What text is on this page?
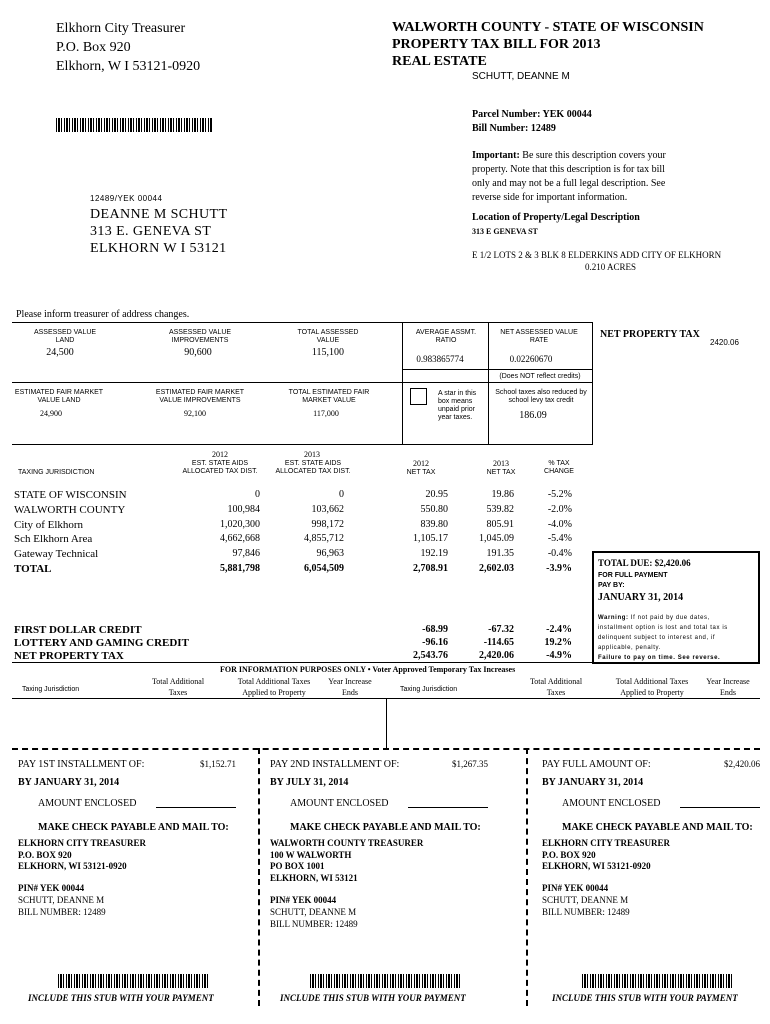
Elkhorn City Treasurer
P.O. Box 920
Elkhorn, W I 53121-0920
WALWORTH COUNTY - STATE OF WISCONSIN
PROPERTY TAX BILL FOR 2013
REAL ESTATE
SCHUTT, DEANNE M
Parcel Number: YEK 00044
Bill Number: 12489
Important: Be sure this description covers your
property. Note that this description is for tax bill
only and may not be a full legal description. See
reverse side for important information.
Location of Property/Legal Description
313 E GENEVA ST
E 1/2 LOTS 2 & 3 BLK 8 ELDERKINS ADD CITY OF ELKHORN
0.210 ACRES
12489/YEK 00044
DEANNE M SCHUTT
313 E. GENEVA ST
ELKHORN W I 53121
Please inform treasurer of address changes.
ASSESSED VALUE LAND
24,500
ASSESSED VALUE IMPROVEMENTS
90,600
TOTAL ASSESSED VALUE
115,100
AVERAGE ASSMT. RATIO
0.983865774
NET ASSESSED VALUE RATE
0.02260670
(Does NOT reflect credits)
ESTIMATED FAIR MARKET VALUE LAND
24,900
ESTIMATED FAIR MARKET VALUE IMPROVEMENTS
92,100
TOTAL ESTIMATED FAIR MARKET VALUE
117,000
A star in this
box means
unpaid prior
year taxes.
School taxes also reduced by school levy tax credit
186.09
NET PROPERTY TAX
2420.06
2012
EST. STATE AIDS ALLOCATED TAX DIST.
2013
EST. STATE AIDS ALLOCATED TAX DIST.
TAXING JURISDICTION
2012
NET TAX
2013
NET TAX
% TAX CHANGE
STATE OF WISCONSIN	0	0	20.95	19.86	-5.2%
WALWORTH COUNTY	100,984	103,662	550.80	539.82	-2.0%
City of Elkhorn	1,020,300	998,172	839.80	805.91	-4.0%
Sch Elkhorn Area	4,662,668	4,855,712	1,105.17	1,045.09	-5.4%
Gateway Technical	97,846	96,963	192.19	191.35	-0.4%
TOTAL	5,881,798	6,054,509	2,708.91	2,602.03	-3.9%	TOTAL DUE: $2,420.06
FOR FULL PAYMENT
PAY BY:
JANUARY 31, 2014
Warning: If not paid by due dates,
installment option is lost and total tax is
delinquent subject to interest and, if
applicable, penalty.
Failure to pay on time. See reverse.
FIRST DOLLAR CREDIT	-68.99	-67.32	-2.4%
LOTTERY AND GAMING CREDIT	-96.16	-114.65	19.2%
NET PROPERTY TAX	2,543.76	2,420.06	-4.9%
FOR INFORMATION PURPOSES ONLY • Voter Approved Temporary Tax Increases
Taxing Jurisdiction
Total Additional Taxes
Total Additional Taxes Applied to Property
Year Increase Ends	Taxing Jurisdiction
Total Additional Taxes
Total Additional Taxes Applied to Property
Year Increase Ends
PAY 1ST INSTALLMENT OF:	$1,152.71
BY JANUARY 31, 2014
AMOUNT ENCLOSED
MAKE CHECK PAYABLE AND MAIL TO:
ELKHORN CITY TREASURER
P.O. BOX 920
ELKHORN, WI 53121-0920
PIN# YEK 00044
SCHUTT, DEANNE M
BILL NUMBER: 12489
INCLUDE THIS STUB WITH YOUR PAYMENT
PAY 2ND INSTALLMENT OF:	$1,267.35
BY JULY 31, 2014
AMOUNT ENCLOSED
MAKE CHECK PAYABLE AND MAIL TO:
WALWORTH COUNTY TREASURER
100 W WALWORTH
PO BOX 1001
ELKHORN, WI 53121
PIN# YEK 00044
SCHUTT, DEANNE M
BILL NUMBER: 12489
INCLUDE THIS STUB WITH YOUR PAYMENT
PAY FULL AMOUNT OF:	$2,420.06
BY JANUARY 31, 2014
AMOUNT ENCLOSED
MAKE CHECK PAYABLE AND MAIL TO:
ELKHORN CITY TREASURER
P.O. BOX 920
ELKHORN, WI 53121-0920
PIN# YEK 00044
SCHUTT, DEANNE M
BILL NUMBER: 12489
INCLUDE THIS STUB WITH YOUR PAYMENT
